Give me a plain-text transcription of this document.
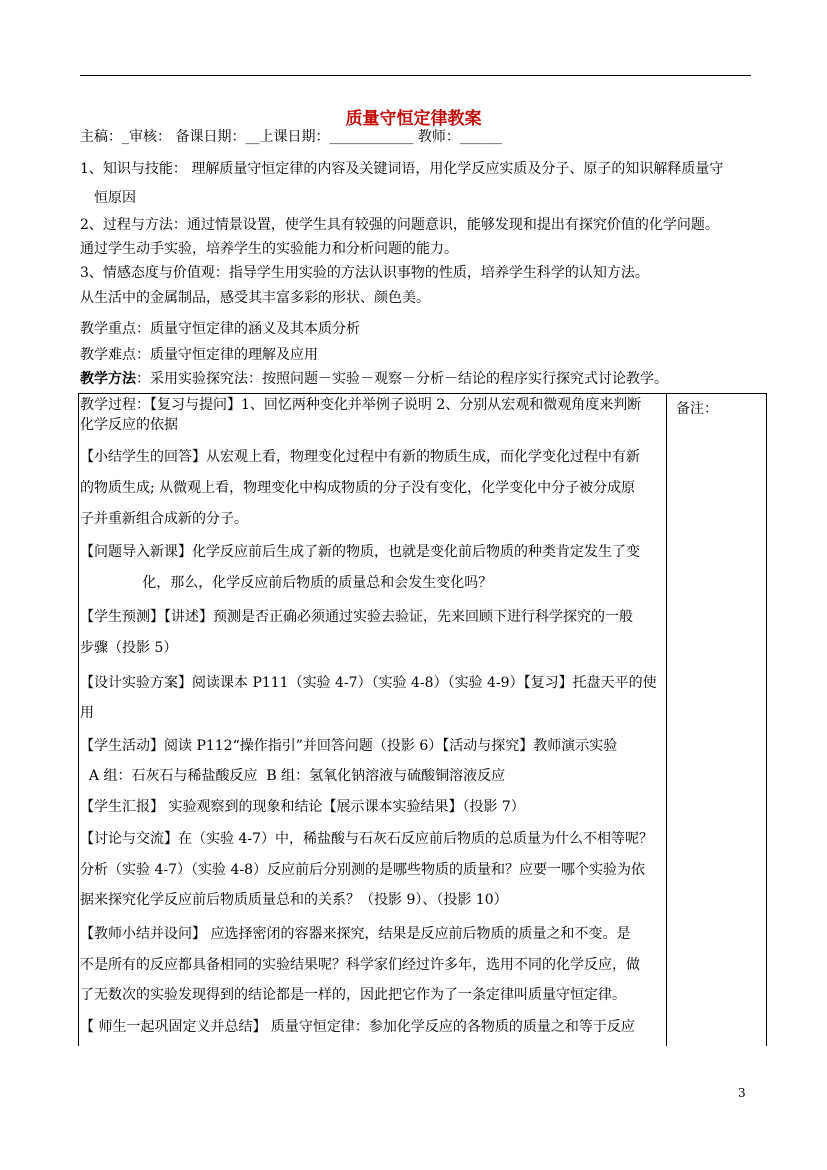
质量守恒定律教案
主稿：_审核： 备课日期：__上课日期：____________ 教师：______
1、知识与技能： 理解质量守恒定律的内容及关键词语，用化学反应实质及分子、原子的知识解释质量守
恒原因
2、过程与方法：通过情景设置，使学生具有较强的问题意识，能够发现和提出有探究价值的化学问题。
通过学生动手实验，培养学生的实验能力和分析问题的能力。
3、情感态度与价值观：指导学生用实验的方法认识事物的性质，培养学生科学的认知方法。
从生活中的金属制品，感受其丰富多彩的形状、颜色美。
教学重点：质量守恒定律的涵义及其本质分析
教学难点：质量守恒定律的理解及应用
教学方法：采用实验探究法：按照问题－实验－观察－分析－结论的程序实行探究式讨论教学。
教学过程：【复习与提问】1、回忆两种变化并举例子说明 2、分别从宏观和微观角度来判断
化学反应的依据
【小结学生的回答】从宏观上看，物理变化过程中有新的物质生成，而化学变化过程中有新
的物质生成; 从微观上看，物理变化中构成物质的分子没有变化，化学变化中分子被分成原
子并重新组合成新的分子。
【问题导入新课】化学反应前后生成了新的物质，也就是变化前后物质的种类肯定发生了变
化，那么，化学反应前后物质的质量总和会发生变化吗？
【学生预测】【讲述】预测是否正确必须通过实验去验证，先来回顾下进行科学探究的一般
步骤（投影 5）
【设计实验方案】阅读课本 P111（实验 4-7）（实验 4-8）（实验 4-9）【复习】托盘天平的使
用
【学生活动】阅读 P112“操作指引”并回答问题（投影 6）【活动与探究】教师演示实验
A 组：石灰石与稀盐酸反应  B 组：氢氧化钠溶液与硫酸铜溶液反应
【学生汇报】 实验观察到的现象和结论【展示课本实验结果】（投影 7）
【讨论与交流】在（实验 4-7）中，稀盐酸与石灰石反应前后物质的总质量为什么不相等呢？
分析（实验 4-7）（实验 4-8）反应前后分别测的是哪些物质的质量和？应要一哪个实验为依
据来探究化学反应前后物质质量总和的关系？（投影 9）、（投影 10）
【教师小结并设问】 应选择密闭的容器来探究，结果是反应前后物质的质量之和不变。是
不是所有的反应都具备相同的实验结果呢？科学家们经过许多年，选用不同的化学反应，做
了无数次的实验发现得到的结论都是一样的，因此把它作为了一条定律叫质量守恒定律。
【 师生一起巩固定义并总结】 质量守恒定律：参加化学反应的各物质的质量之和等于反应
备注：
3
